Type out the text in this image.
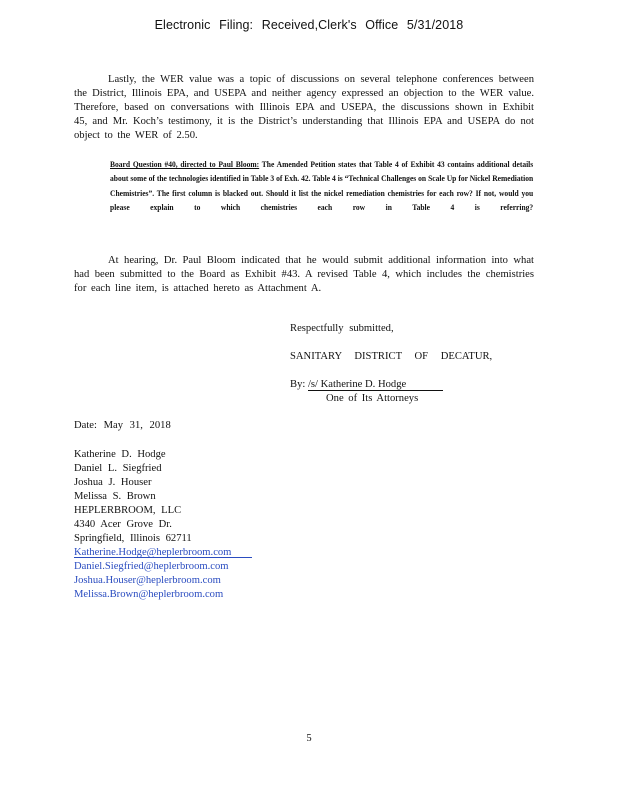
Electronic Filing: Received,Clerk's Office 5/31/2018
Lastly, the WER value was a topic of discussions on several telephone conferences between the District, Illinois EPA, and USEPA and neither agency expressed an objection to the WER value. Therefore, based on conversations with Illinois EPA and USEPA, the discussions shown in Exhibit 45, and Mr. Koch’s testimony, it is the District’s understanding that Illinois EPA and USEPA do not object to the WER of 2.50.
Board Question #40, directed to Paul Bloom: The Amended Petition states that Table 4 of Exhibit 43 contains additional details about some of the technologies identified in Table 3 of Exh. 42. Table 4 is “Technical Challenges on Scale Up for Nickel Remediation Chemistries”. The first column is blacked out. Should it list the nickel remediation chemistries for each row? If not, would you please explain to which chemistries each row in Table 4 is referring?
At hearing, Dr. Paul Bloom indicated that he would submit additional information into what had been submitted to the Board as Exhibit #43. A revised Table 4, which includes the chemistries for each line item, is attached hereto as Attachment A.
Respectfully submitted,
SANITARY DISTRICT OF DECATUR,
By: /s/ Katherine D. Hodge
One of Its Attorneys
Date: May 31, 2018
Katherine D. Hodge
Daniel L. Siegfried
Joshua J. Houser
Melissa S. Brown
HEPLERBROOM, LLC
4340 Acer Grove Dr.
Springfield, Illinois 62711
Katherine.Hodge@heplerbroom.com
Daniel.Siegfried@heplerbroom.com
Joshua.Houser@heplerbroom.com
Melissa.Brown@heplerbroom.com
5
